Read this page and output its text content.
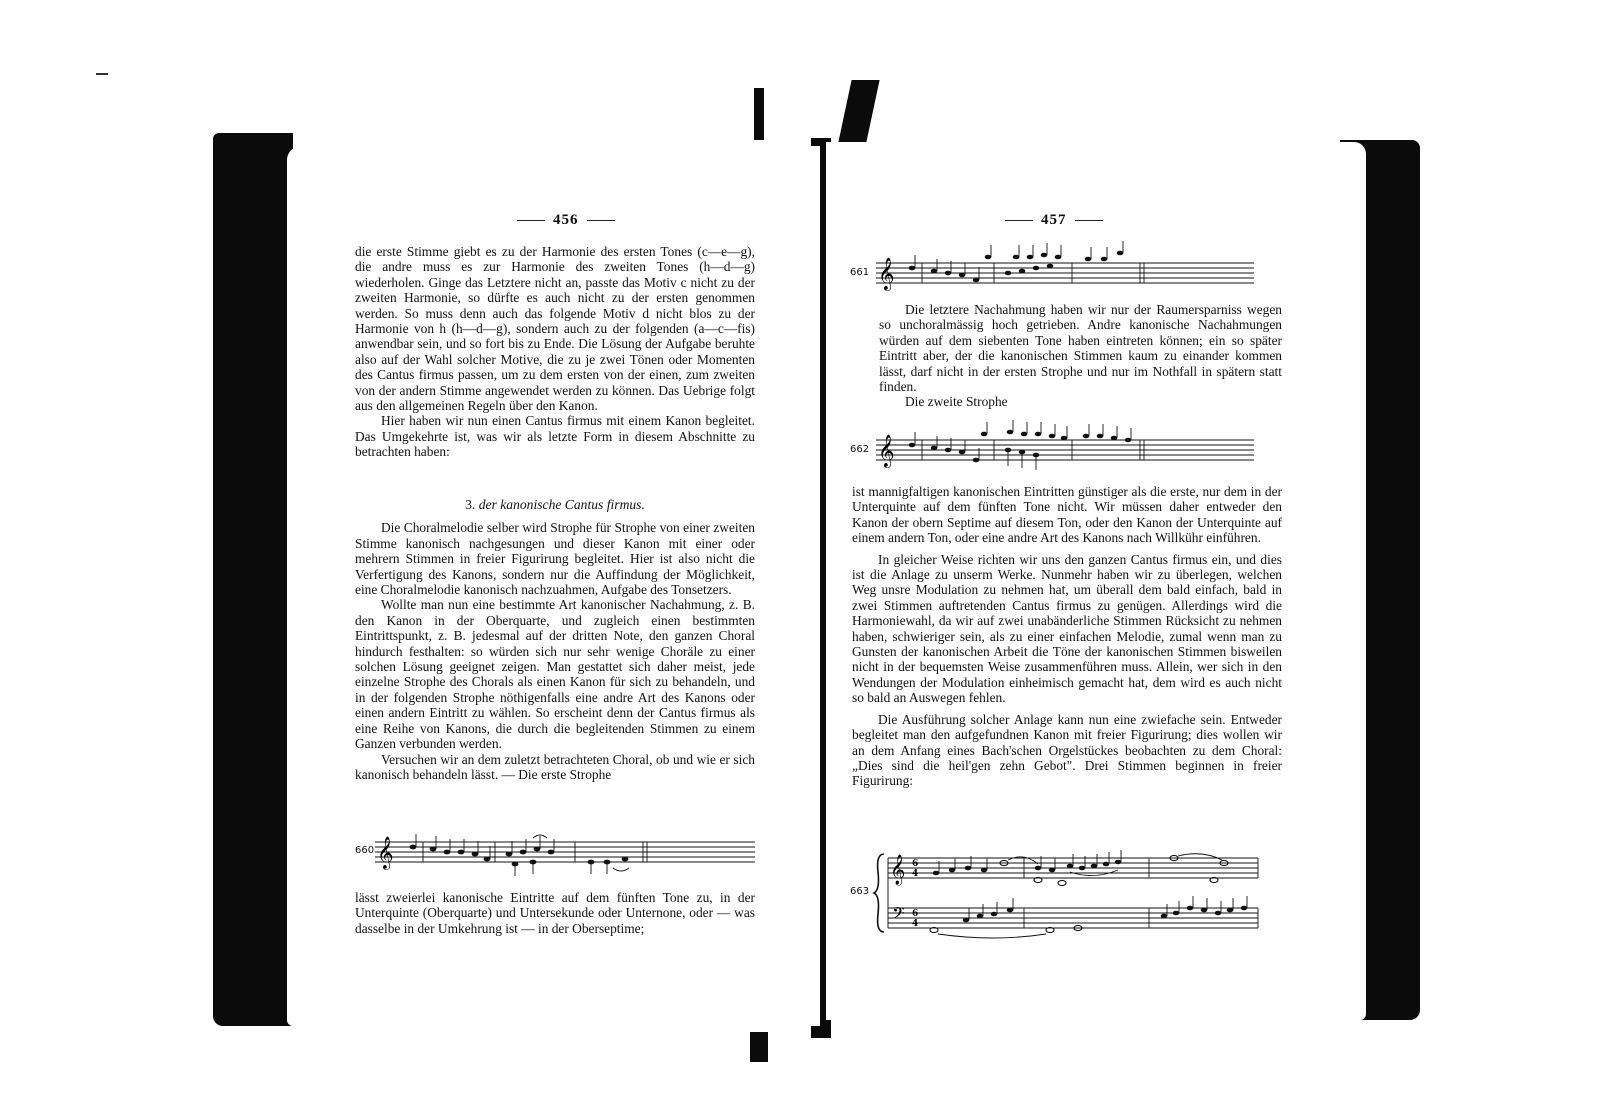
456

die erste Stimme giebt es zu der Harmonie des ersten Tones (c—e—g), die andre muss es zur Harmonie des zweiten Tones (h—d—g) wiederholen. Ginge das Letztere nicht an, passte das Motiv c nicht zu der zweiten Harmonie, so dürfte es auch nicht zu der ersten genommen werden. So muss denn auch das folgende Motiv d nicht blos zu der Harmonie von h (h—d—g), sondern auch zu der folgenden (a—c—fis) anwendbar sein, und so fort bis zu Ende. Die Lösung der Aufgabe beruhte also auf der Wahl solcher Motive, die zu je zwei Tönen oder Momenten des Cantus firmus passen, um zu dem ersten von der einen, zum zweiten von der andern Stimme angewendet werden zu können. Das Uebrige folgt aus den allgemeinen Regeln über den Kanon.

Hier haben wir nun einen Cantus firmus mit einem Kanon begleitet. Das Umgekehrte ist, was wir als letzte Form in diesem Abschnitte zu betrachten haben:

3. der kanonische Cantus firmus.

Die Choralmelodie selber wird Strophe für Strophe von einer zweiten Stimme kanonisch nachgesungen und dieser Kanon mit einer oder mehrern Stimmen in freier Figurirung begleitet. Hier ist also nicht die Verfertigung des Kanons, sondern nur die Auffindung der Möglichkeit, eine Choralmelodie kanonisch nachzuahmen, Aufgabe des Tonsetzers.

Wollte man nun eine bestimmte Art kanonischer Nachahmung, z. B. den Kanon in der Oberquarte, und zugleich einen bestimmten Eintrittspunkt, z. B. jedesmal auf der dritten Note, den ganzen Choral hindurch festhalten: so würden sich nur sehr wenige Choräle zu einer solchen Lösung geeignet zeigen. Man gestattet sich daher meist, jede einzelne Strophe des Chorals als einen Kanon für sich zu behandeln, und in der folgenden Strophe nöthigenfalls eine andre Art des Kanons oder einen andern Eintritt zu wählen. So erscheint denn der Cantus firmus als eine Reihe von Kanons, die durch die begleitenden Stimmen zu einem Ganzen verbunden werden.

Versuchen wir an dem zuletzt betrachteten Choral, ob und wie er sich kanonisch behandeln lässt. — Die erste Strophe

660 𝄞

lässt zweierlei kanonische Eintritte auf dem fünften Tone zu, in der Unterquinte (Oberquarte) und Untersekunde oder Unternone, oder — was dasselbe in der Umkehrung ist — in der Oberseptime;

457
661 𝄞

Die letztere Nachahmung haben wir nur der Raumersparniss wegen so unchoralmässig hoch getrieben. Andre kanonische Nachahmungen würden auf dem siebenten Tone haben eintreten können; ein so später Eintritt aber, der die kanonischen Stimmen kaum zu einander kommen lässt, darf nicht in der ersten Strophe und nur im Nothfall in spätern statt finden.

Die zweite Strophe

662 𝄞

ist mannigfaltigen kanonischen Eintritten günstiger als die erste, nur dem in der Unterquinte auf dem fünften Tone nicht. Wir müssen daher entweder den Kanon der obern Septime auf diesem Ton, oder den Kanon der Unterquinte auf einem andern Ton, oder eine andre Art des Kanons nach Willkühr einführen.

In gleicher Weise richten wir uns den ganzen Cantus firmus ein, und dies ist die Anlage zu unserm Werke. Nunmehr haben wir zu überlegen, welchen Weg unsre Modulation zu nehmen hat, um überall dem bald einfach, bald in zwei Stimmen auftretenden Cantus firmus zu genügen. Allerdings wird die Harmoniewahl, da wir auf zwei unabänderliche Stimmen Rücksicht zu nehmen haben, schwieriger sein, als zu einer einfachen Melodie, zumal wenn man zu Gunsten der kanonischen Arbeit die Töne der kanonischen Stimmen bisweilen nicht in der bequemsten Weise zusammenführen muss. Allein, wer sich in den Wendungen der Modulation einheimisch gemacht hat, dem wird es auch nicht so bald an Auswegen fehlen.

Die Ausführung solcher Anlage kann nun eine zwiefache sein. Entweder begleitet man den aufgefundnen Kanon mit freier Figurirung; dies wollen wir an dem Anfang eines Bach'schen Orgelstückes beobachten zu dem Choral: „Dies sind die heil'gen zehn Gebot". Drei Stimmen beginnen in freier Figurirung:

663
𝄞
𝄢
6
4
6
4
